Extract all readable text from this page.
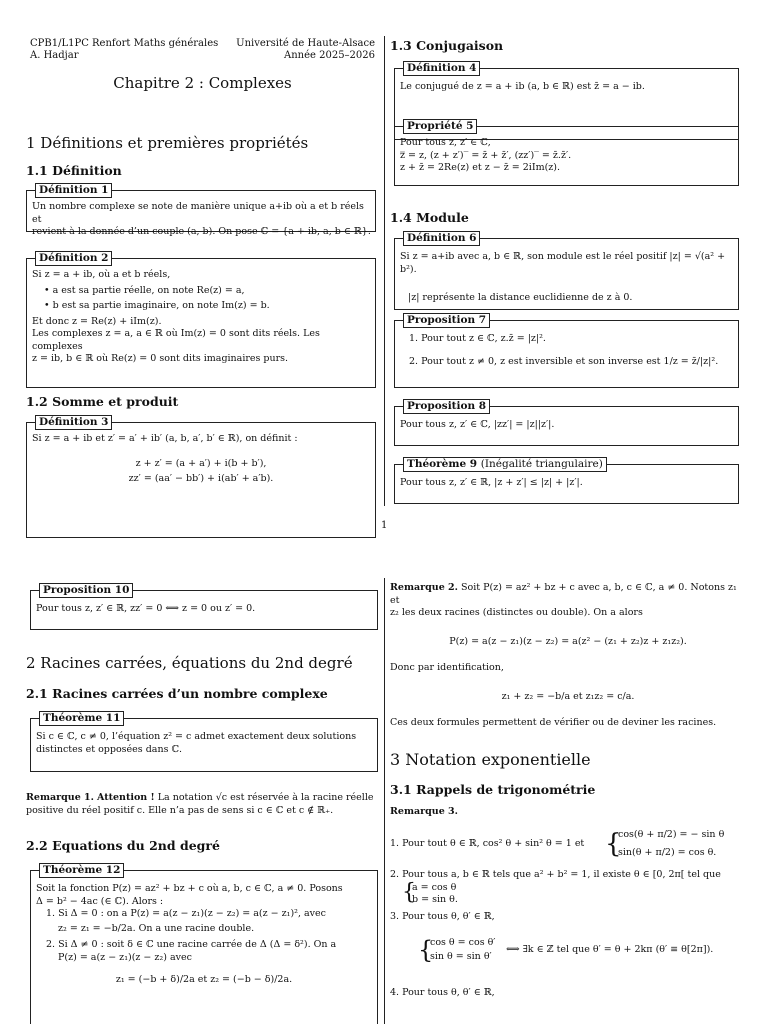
CPB1/L1PC Renfort Maths générales
A. Hadjar
Université de Haute-Alsace
Année 2025–2026
Chapitre 2 : Complexes
1 Définitions et premières propriétés
1.1 Définition
Définition 1
Un nombre complexe se note de manière unique a+ib où a et b réels et
revient à la donnée d’un couple (a, b). On pose ℂ = {a + ib, a, b ∈ ℝ}.
Définition 2
Si z = a + ib, où a et b réels,
• a est sa partie réelle, on note Re(z) = a,
• b est sa partie imaginaire, on note Im(z) = b.
Et donc z = Re(z) + iIm(z).
Les complexes z = a, a ∈ ℝ où Im(z) = 0 sont dits réels. Les complexes
z = ib, b ∈ ℝ où Re(z) = 0 sont dits imaginaires purs.
1.2 Somme et produit
Définition 3
Si z = a + ib et z′ = a′ + ib′ (a, b, a′, b′ ∈ ℝ), on définit :
z + z′ = (a + a′) + i(b + b′),
zz′ = (aa′ − bb′) + i(ab′ + a′b).
1.3 Conjugaison
Définition 4
Le conjugué de z = a + ib (a, b ∈ ℝ) est z̄ = a − ib.
Propriété 5
Pour tous z, z′ ∈ ℂ,
z̿ = z, (z + z′)‾ = z̄ + z̄′, (zz′)‾ = z̄.z̄′.
z + z̄ = 2Re(z) et z − z̄ = 2iIm(z).
1.4 Module
Définition 6
Si z = a+ib avec a, b ∈ ℝ, son module est le réel positif |z| = √(a² + b²).
|z| représente la distance euclidienne de z à 0.
Proposition 7
1. Pour tout z ∈ ℂ, z.z̄ = |z|².
2. Pour tout z ≠ 0, z est inversible et son inverse est 1/z = z̄/|z|².
Proposition 8
Pour tous z, z′ ∈ ℂ, |zz′| = |z||z′|.
Théorème 9 (Inégalité triangulaire)
Pour tous z, z′ ∈ ℝ, |z + z′| ≤ |z| + |z′|.
1
Proposition 10
Pour tous z, z′ ∈ ℝ, zz′ = 0 ⟺ z = 0 ou z′ = 0.
2 Racines carrées, équations du 2nd degré
2.1 Racines carrées d’un nombre complexe
Théorème 11
Si c ∈ ℂ, c ≠ 0, l’équation z² = c admet exactement deux solutions
distinctes et opposées dans ℂ.
Remarque 1. Attention ! La notation √c est réservée à la racine réelle
positive du réel positif c. Elle n’a pas de sens si c ∈ ℂ et c ∉ ℝ₊.
2.2 Equations du 2nd degré
Théorème 12
Soit la fonction P(z) = az² + bz + c où a, b, c ∈ ℂ, a ≠ 0. Posons
Δ = b² − 4ac (∈ ℂ). Alors :
1. Si Δ = 0 : on a P(z) = a(z − z₁)(z − z₂) = a(z − z₁)², avec
z₂ = z₁ = −b/2a. On a une racine double.
2. Si Δ ≠ 0 : soit δ ∈ ℂ une racine carrée de Δ (Δ = δ²). On a
P(z) = a(z − z₁)(z − z₂) avec
z₁ = (−b + δ)/2a et z₂ = (−b − δ)/2a.
Remarque 2. Soit P(z) = az² + bz + c avec a, b, c ∈ ℂ, a ≠ 0. Notons z₁ et
z₂ les deux racines (distinctes ou double). On a alors
P(z) = a(z − z₁)(z − z₂) = a(z² − (z₁ + z₂)z + z₁z₂).
Donc par identification,
z₁ + z₂ = −b/a et z₁z₂ = c/a.
Ces deux formules permettent de vérifier ou de deviner les racines.
3 Notation exponentielle
3.1 Rappels de trigonométrie
Remarque 3.
1. Pour tout θ ∈ ℝ, cos² θ + sin² θ = 1 et {
cos(θ + π/2) = − sin θ
sin(θ + π/2) = cos θ.
2. Pour tous a, b ∈ ℝ tels que a² + b² = 1, il existe θ ∈ [0, 2π[ tel que
{
a = cos θ
b = sin θ.
3. Pour tous θ, θ′ ∈ ℝ,
{
cos θ = cos θ′
sin θ = sin θ′
⟺ ∃k ∈ ℤ tel que θ′ = θ + 2kπ (θ′ ≡ θ[2π]).
4. Pour tous θ, θ′ ∈ ℝ,
